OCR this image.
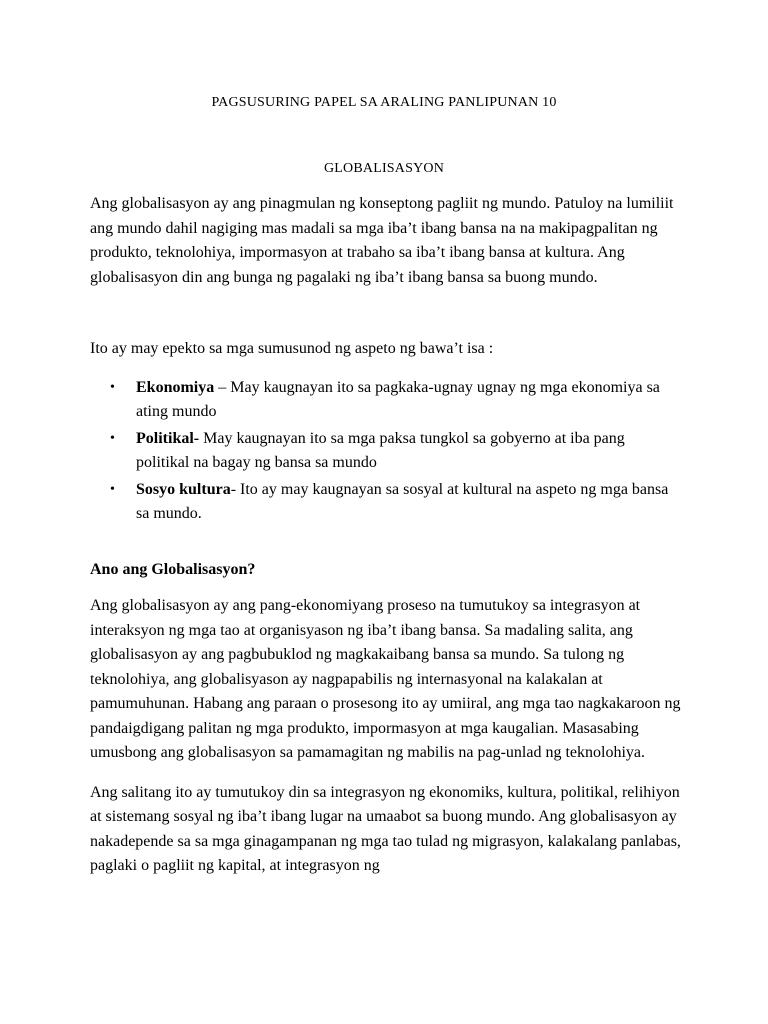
PAGSUSURING PAPEL SA ARALING PANLIPUNAN 10

GLOBALISASYON

Ang globalisasyon ay ang pinagmulan ng konseptong pagliit ng mundo. Patuloy na lumiliit ang mundo dahil nagiging mas madali sa mga iba’t ibang bansa na na makipagpalitan ng produkto, teknolohiya, impormasyon at trabaho sa iba’t ibang bansa at kultura. Ang globalisasyon din ang bunga ng pagalaki ng iba’t ibang bansa sa buong mundo.

Ito ay may epekto sa mga sumusunod ng aspeto ng bawa’t isa :

• Ekonomiya – May kaugnayan ito sa pagkaka-ugnay ugnay ng mga ekonomiya sa ating mundo
• Politikal- May kaugnayan ito sa mga paksa tungkol sa gobyerno at iba pang politikal na bagay ng bansa sa mundo
• Sosyo kultura- Ito ay may kaugnayan sa sosyal at kultural na aspeto ng mga bansa sa mundo.

Ano ang Globalisasyon?

Ang globalisasyon ay ang pang-ekonomiyang proseso na tumutukoy sa integrasyon at interaksyon ng mga tao at organisyason ng iba’t ibang bansa. Sa madaling salita, ang globalisasyon ay ang pagbubuklod ng magkakaibang bansa sa mundo. Sa tulong ng teknolohiya, ang globalisyason ay nagpapabilis ng internasyonal na kalakalan at pamumuhunan. Habang ang paraan o prosesong ito ay umiiral, ang mga tao nagkakaroon ng pandaigdigang palitan ng mga produkto, impormasyon at mga kaugalian. Masasabing umusbong ang globalisasyon sa pamamagitan ng mabilis na pag-unlad ng teknolohiya.

Ang salitang ito ay tumutukoy din sa integrasyon ng ekonomiks, kultura, politikal, relihiyon at sistemang sosyal ng iba’t ibang lugar na umaabot sa buong mundo. Ang globalisasyon ay nakadepende sa sa mga ginagampanan ng mga tao tulad ng migrasyon, kalakalang panlabas, paglaki o pagliit ng kapital, at integrasyon ng
